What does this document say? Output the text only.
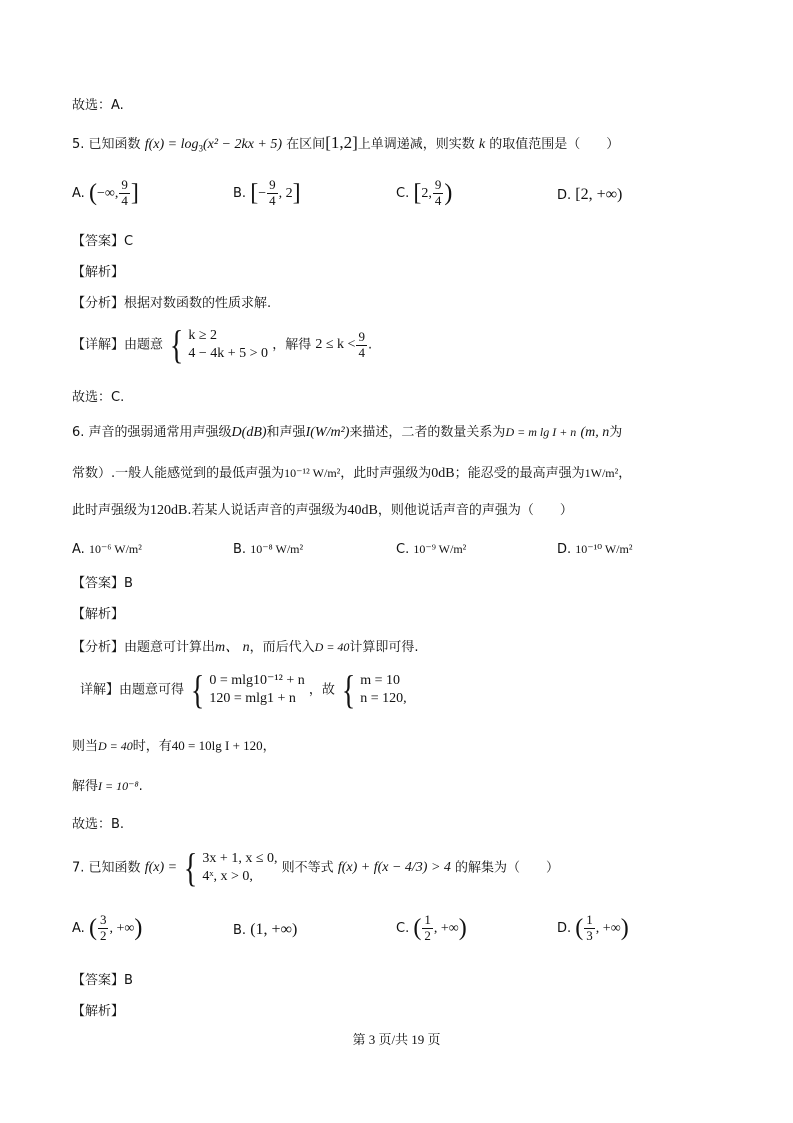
故选：A.
5. 已知函数 $f(x) = \log_3(x^2 - 2kx + 5)$ 在区间[1,2]上单调递减，则实数 k 的取值范围是（　　）
A. (−∞, $\frac{9}{4}$ ]	B. [− $\frac{9}{4}$ , 2]	C. [2, $\frac{9}{4}$ )	D. [2, +∞)
【答案】C
【解析】
【分析】根据对数函数的性质求解.
【详解】由题意 { k ≥ 2
4 − 4k + 5 > 0
，解得 $2 \le k < \frac{9}{4}$ .
故选：C.
6. 声音的强弱通常用声强级D(dB)和声强I(W/m²)来描述，二者的数量关系为D = m lg I + n (m, n为
常数）.一般人能感觉到的最低声强为10⁻¹² W/m²，此时声强级为0dB；能忍受的最高声强为1W/m²，
此时声强级为120dB.若某人说话声音的声强级为40dB，则他说话声音的声强为（　　）
A. 10⁻⁶ W/m²	B. 10⁻⁸ W/m²	C. 10⁻⁹ W/m²	D. 10⁻¹⁰ W/m²
【答案】B
【解析】
【分析】由题意可计算出m、 n，而后代入D = 40计算即可得.
详解】由题意可得 { 0 = mlg10⁻¹² + n
120 = mlg1 + n
，故 { m = 10
n = 120,
则当D = 40时，有40 = 10lg I + 120，
解得I = 10⁻⁸.
故选：B.
7. 已知函数 f(x) = { 3x + 1, x ≤ 0,
4ˣ, x > 0,
则不等式 f(x) + f(x − 4/3) > 4 的解集为（　　）
A. ( $\frac{3}{2}$ , +∞)	B. (1, +∞)	C. ( $\frac{1}{2}$ , +∞)	D. ( $\frac{1}{3}$ , +∞)
【答案】B
【解析】
第 3 页/共 19 页
